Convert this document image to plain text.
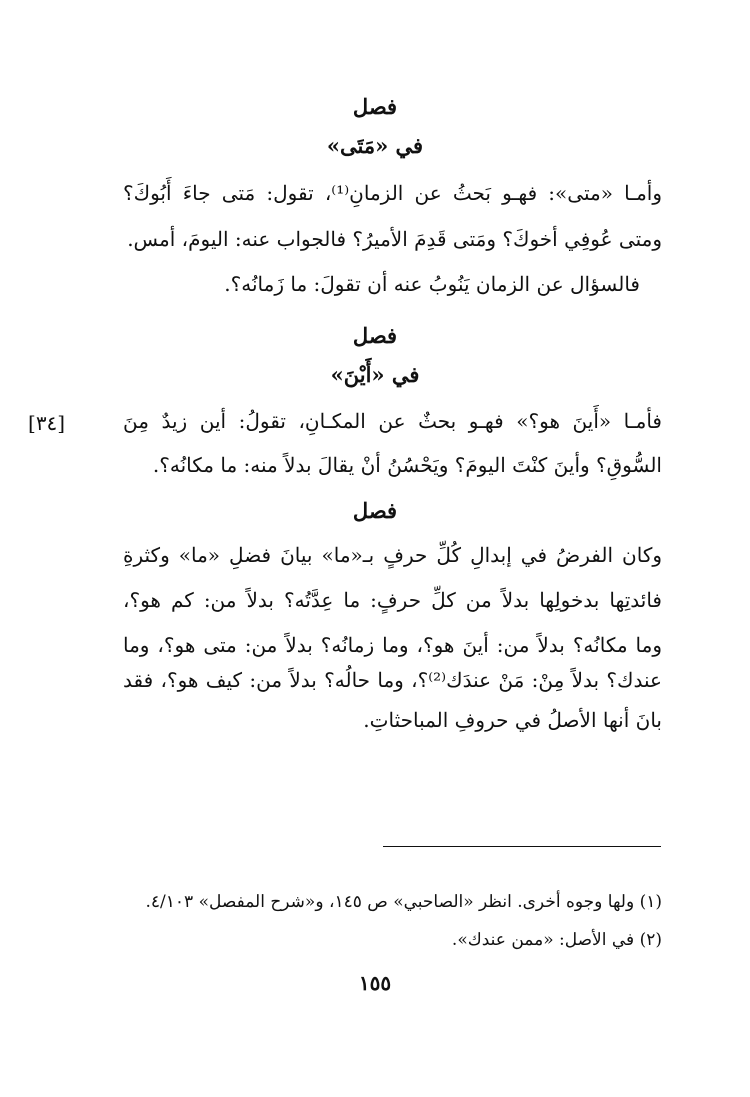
فصل
في «مَتَى»
وأمـا «متى»: فهـو بَحثُ عن الزمانِ⁽¹⁾، تقول: مَتى جاءَ أَبُوكَ؟
ومتى عُوفِي أخوكَ؟ ومَتى قَدِمَ الأميرُ؟ فالجواب عنه: اليومَ، أمس.
فالسؤال عن الزمان يَنُوبُ عنه أن تقولَ: ما زَمانُه؟.
فصل
في «أَيْنَ»
[٣٤]	فأمـا «أَينَ هو؟» فهـو بحثٌ عن المكـانِ، تقولُ: أين زيدٌ مِنَ
السُّوقِ؟ وأينَ كنْتَ اليومَ؟ ويَحْسُنُ أنْ يقالَ بدلاً منه: ما مكانُه؟.
فصل
وكان الفرضُ في إبدالِ كُلِّ حرفٍ بـ«ما» بيانَ فضلِ «ما» وكثرةِ
فائدتِها بدخولِها بدلاً من كلِّ حرفٍ: ما عِدَّتُه؟ بدلاً من: كم هو؟،
وما مكانُه؟ بدلاً من: أينَ هو؟، وما زمانُه؟ بدلاً من: متى هو؟، وما
عندك؟ بدلاً مِنْ: مَنْ عندَك⁽²⁾؟، وما حالُه؟ بدلاً من: كيف هو؟، فقد
بانَ أنها الأصلُ في حروفِ المباحثاتِ.
(١) ولها وجوه أخرى. انظر «الصاحبي» ص ١٤٥، و«شرح المفصل» ٤/١٠٣.
(٢) في الأصل: «ممن عندك».
١٥٥
